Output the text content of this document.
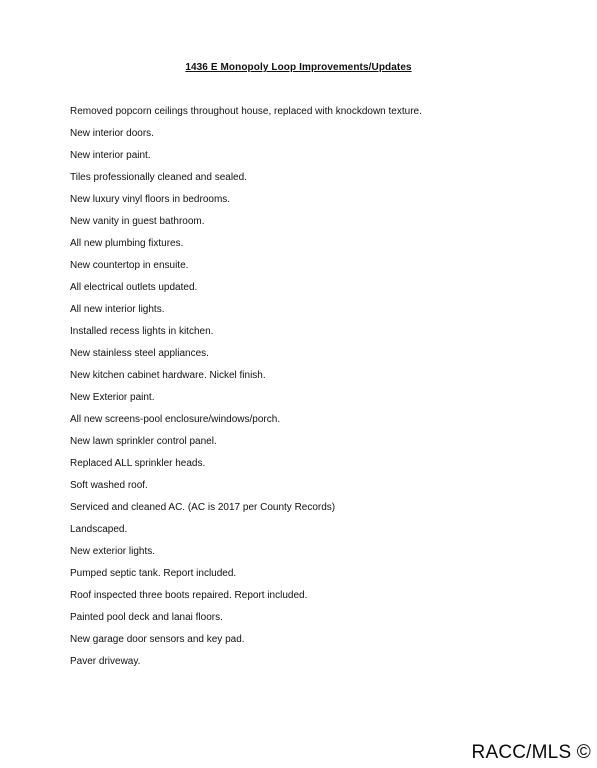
1436 E Monopoly Loop Improvements/Updates
Removed popcorn ceilings throughout house, replaced with knockdown texture.
New interior doors.
New interior paint.
Tiles professionally cleaned and sealed.
New luxury vinyl floors in bedrooms.
New vanity in guest bathroom.
All new plumbing fixtures.
New countertop in ensuite.
All electrical outlets updated.
All new interior lights.
Installed recess lights in kitchen.
New stainless steel appliances.
New kitchen cabinet hardware. Nickel finish.
New Exterior paint.
All new screens-pool enclosure/windows/porch.
New lawn sprinkler control panel.
Replaced ALL sprinkler heads.
Soft washed roof.
Serviced and cleaned AC. (AC is 2017 per County Records)
Landscaped.
New exterior lights.
Pumped septic tank. Report included.
Roof inspected three boots repaired. Report included.
Painted pool deck and lanai floors.
New garage door sensors and key pad.
Paver driveway.
RACC/MLS ©
